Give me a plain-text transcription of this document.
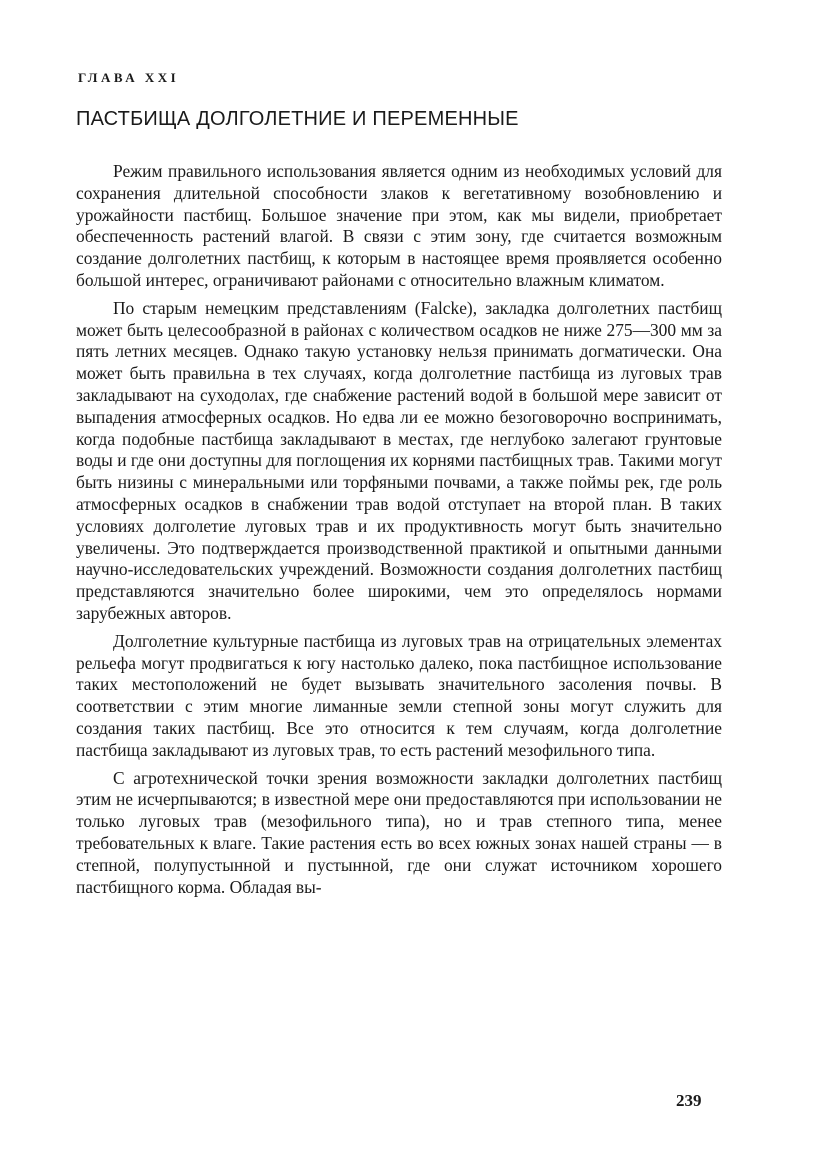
ГЛАВА XXI
ПАСТБИЩА ДОЛГОЛЕТНИЕ И ПЕРЕМЕННЫЕ

Режим правильного использования является одним из необходимых условий для сохранения длительной способности злаков к вегетативному возобновлению и урожайности пастбищ. Большое значение при этом, как мы видели, приобретает обеспеченность растений влагой. В связи с этим зону, где считается возможным создание долголетних пастбищ, к которым в настоящее время проявляется особенно большой интерес, ограничивают районами с относительно влажным климатом.

По старым немецким представлениям (Falcke), закладка долголетних пастбищ может быть целесообразной в районах с количеством осадков не ниже 275—300 мм за пять летних месяцев. Однако такую установку нельзя принимать догматически. Она может быть правильна в тех случаях, когда долголетние пастбища из луговых трав закладывают на суходолах, где снабжение растений водой в большой мере зависит от выпадения атмосферных осадков. Но едва ли ее можно безоговорочно воспринимать, когда подобные пастбища закладывают в местах, где неглубоко залегают грунтовые воды и где они доступны для поглощения их корнями пастбищных трав. Такими могут быть низины с минеральными или торфяными почвами, а также поймы рек, где роль атмосферных осадков в снабжении трав водой отступает на второй план. В таких условиях долголетие луговых трав и их продуктивность могут быть значительно увеличены. Это подтверждается производственной практикой и опытными данными научно-исследовательских учреждений. Возможности создания долголетних пастбищ представляются значительно более широкими, чем это определялось нормами зарубежных авторов.

Долголетние культурные пастбища из луговых трав на отрицательных элементах рельефа могут продвигаться к югу настолько далеко, пока пастбищное использование таких местоположений не будет вызывать значительного засоления почвы. В соответствии с этим многие лиманные земли степной зоны могут служить для создания таких пастбищ. Все это относится к тем случаям, когда долголетние пастбища закладывают из луговых трав, то есть растений мезофильного типа.

С агротехнической точки зрения возможности закладки долголетних пастбищ этим не исчерпываются; в известной мере они предоставляются при использовании не только луговых трав (мезофильного типа), но и трав степного типа, менее требовательных к влаге. Такие растения есть во всех южных зонах нашей страны — в степной, полупустынной и пустынной, где они служат источником хорошего пастбищного корма. Обладая вы-

239
